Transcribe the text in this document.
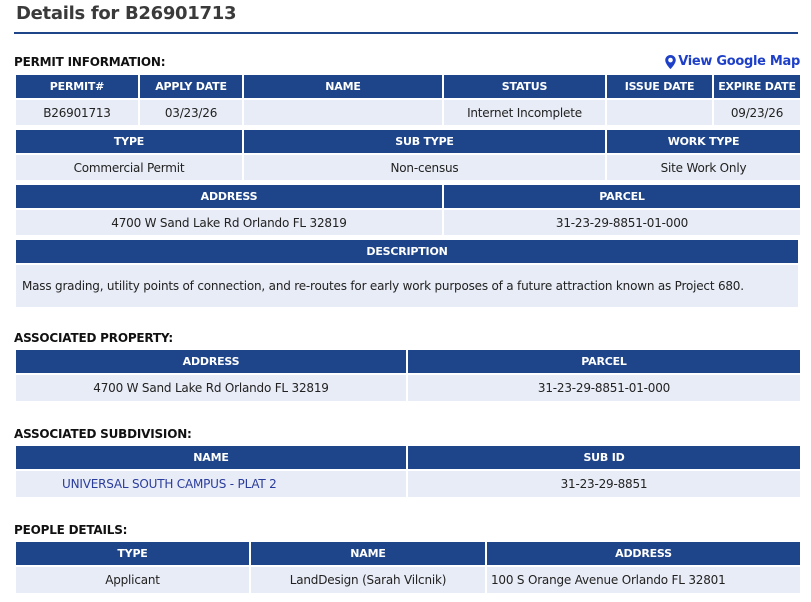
Details for B26901713
PERMIT INFORMATION:	View Google Map
PERMIT#	APPLY DATE	NAME	STATUS	ISSUE DATE	EXPIRE DATE
B26901713	03/23/26		Internet Incomplete		09/23/26
TYPE	SUB TYPE	WORK TYPE
Commercial Permit	Non-census	Site Work Only
ADDRESS	PARCEL
4700 W Sand Lake Rd Orlando FL 32819	31-23-29-8851-01-000
DESCRIPTION
Mass grading, utility points of connection, and re-routes for early work purposes of a future attraction known as Project 680.
ASSOCIATED PROPERTY:
ADDRESS	PARCEL
4700 W Sand Lake Rd Orlando FL 32819	31-23-29-8851-01-000
ASSOCIATED SUBDIVISION:
NAME	SUB ID
UNIVERSAL SOUTH CAMPUS - PLAT 2	31-23-29-8851
PEOPLE DETAILS:
TYPE	NAME	ADDRESS
Applicant	LandDesign (Sarah Vilcnik)	100 S Orange Avenue Orlando FL 32801
